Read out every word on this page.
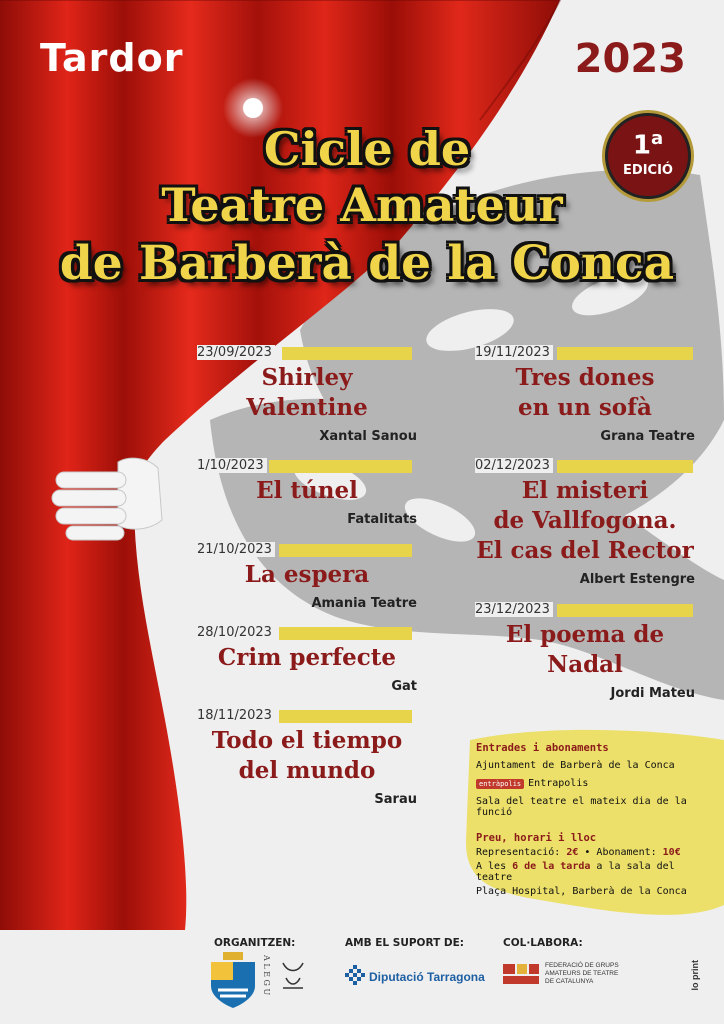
Tardor	2023
Cicle de
Teatre Amateur
de Barberà de la Conca
1$^a$
EDICIÓ
23/09/2023
Shirley
Valentine
Xantal Sanou
1/10/2023
El túnel
Fatalitats
21/10/2023
La espera
Amania Teatre
28/10/2023
Crim perfecte
Gat
18/11/2023
Todo el tiempo
del mundo
Sarau
19/11/2023
Tres dones
en un sofà
Grana Teatre
02/12/2023
El misteri
de Vallfogona.
El cas del Rector
Albert Estengre
23/12/2023
El poema de
Nadal
Jordi Mateu
Entrades i abonaments
Ajuntament de Barberà de la Conca
entràpolis Entrapolis
Sala del teatre el mateix dia de la funció
Preu, horari i lloc
Representació: 2€ • Abonament: 10€
A les 6 de la tarda a la sala del teatre
Plaça Hospital, Barberà de la Conca
ORGANITZEN:	AMB EL SUPORT DE:	COL·LABORA:
A L E G U	Diputació Tarragona
FEDERACIÓ DE GRUPS
AMATEURS DE TEATRE
DE CATALUNYA	lo print
